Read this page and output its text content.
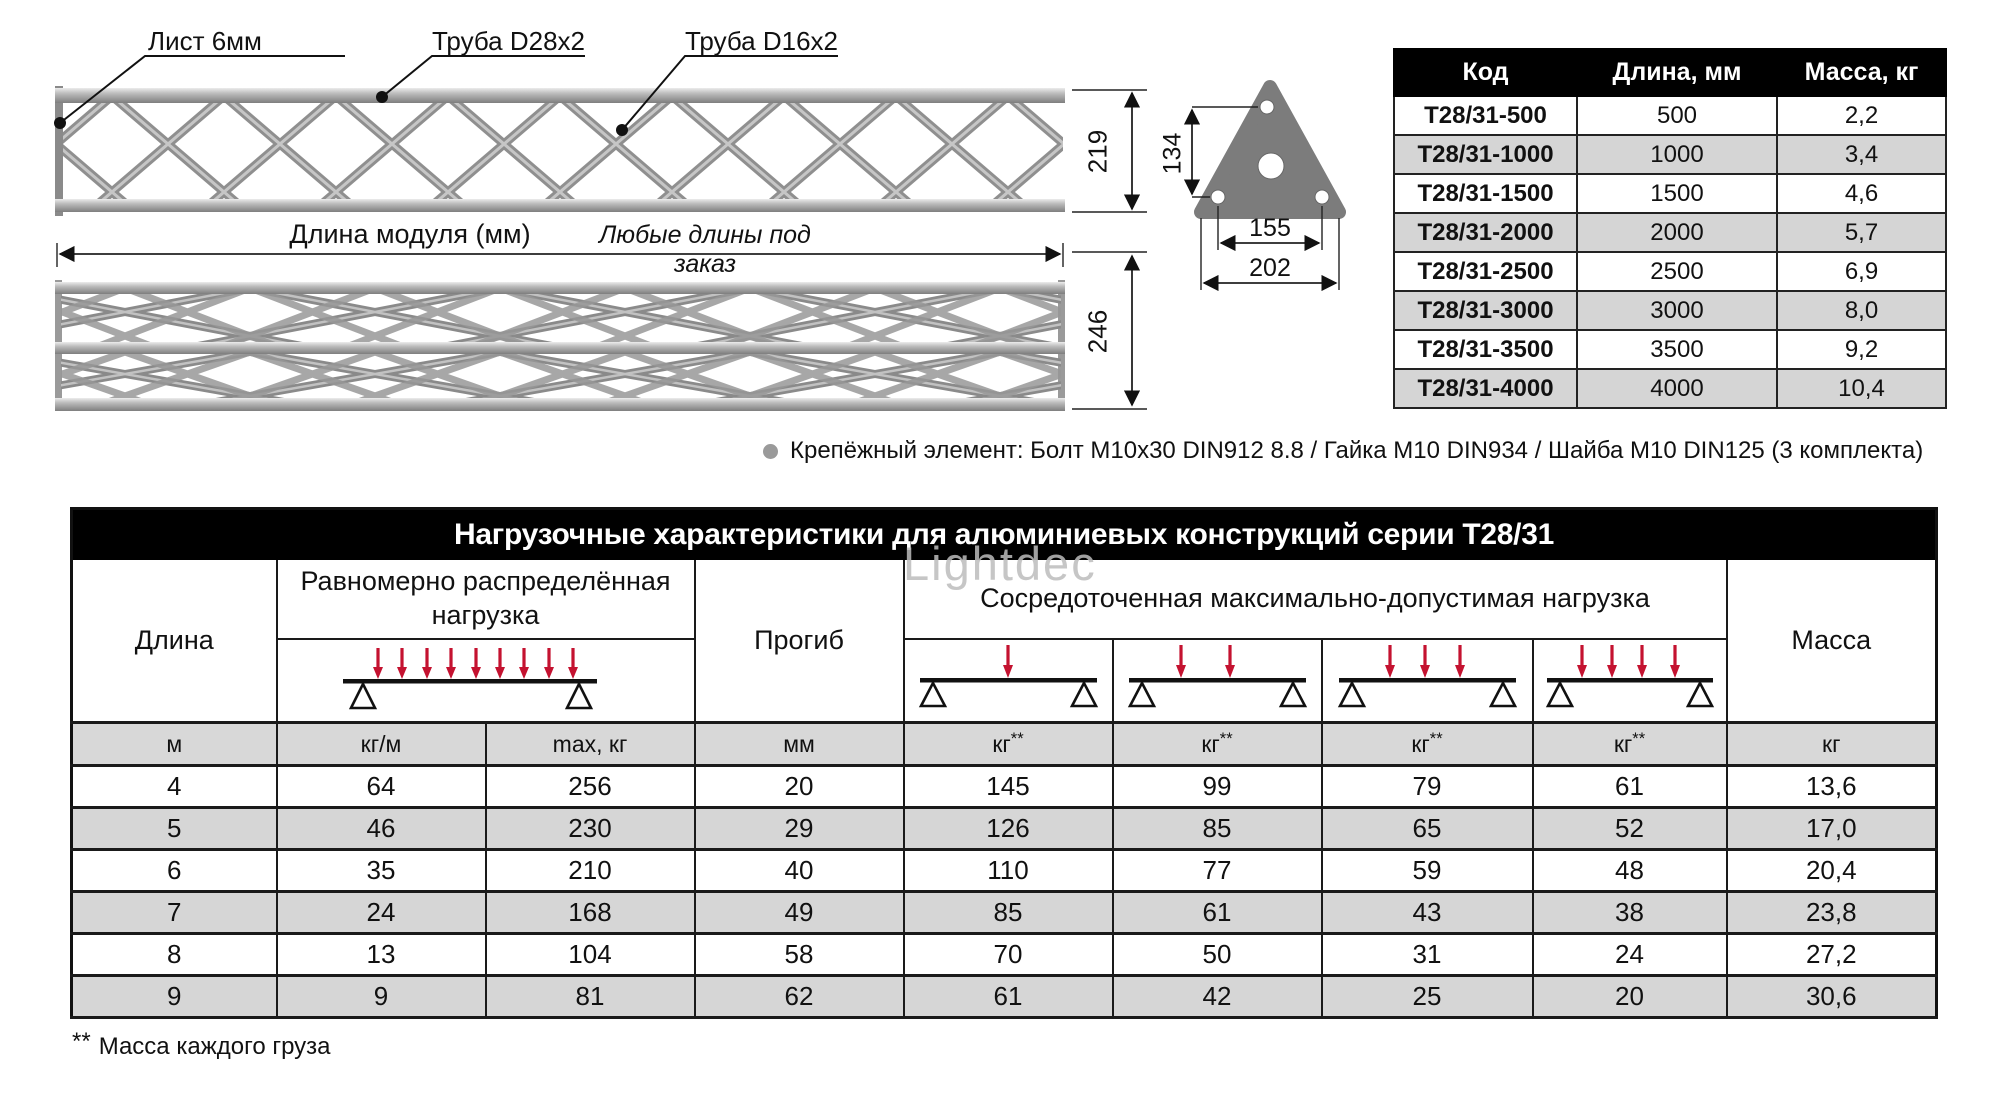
Лист 6мм	Труба D28x2	Труба D16x2
Длина модуля (мм)	Любые длины под заказ
219
246
134
155
202
Код	Длина, мм	Масса, кг
Т28/31-500	500	2,2
Т28/31-1000	1000	3,4
Т28/31-1500	1500	4,6
Т28/31-2000	2000	5,7
Т28/31-2500	2500	6,9
Т28/31-3000	3000	8,0
Т28/31-3500	3500	9,2
Т28/31-4000	4000	10,4
Крепёжный элемент: Болт М10х30 DIN912 8.8 / Гайка М10 DIN934 / Шайба М10 DIN125 (3 комплекта)
Lightdec
Нагрузочные характеристики для алюминиевых конструкций серии Т28/31								
Длина	Равномерно распределённая нагрузка		Прогиб	Сосредоточенная максимально-допустимая нагрузка				Масса

м	кг/м	max, кг	мм	кг**	кг**	кг**	кг**	кг
4	64	256	20	145	99	79	61	13,6
5	46	230	29	126	85	65	52	17,0
6	35	210	40	110	77	59	48	20,4
7	24	168	49	85	61	43	38	23,8
8	13	104	58	70	50	31	24	27,2
9	9	81	62	61	42	25	20	30,6
** Масса каждого груза
